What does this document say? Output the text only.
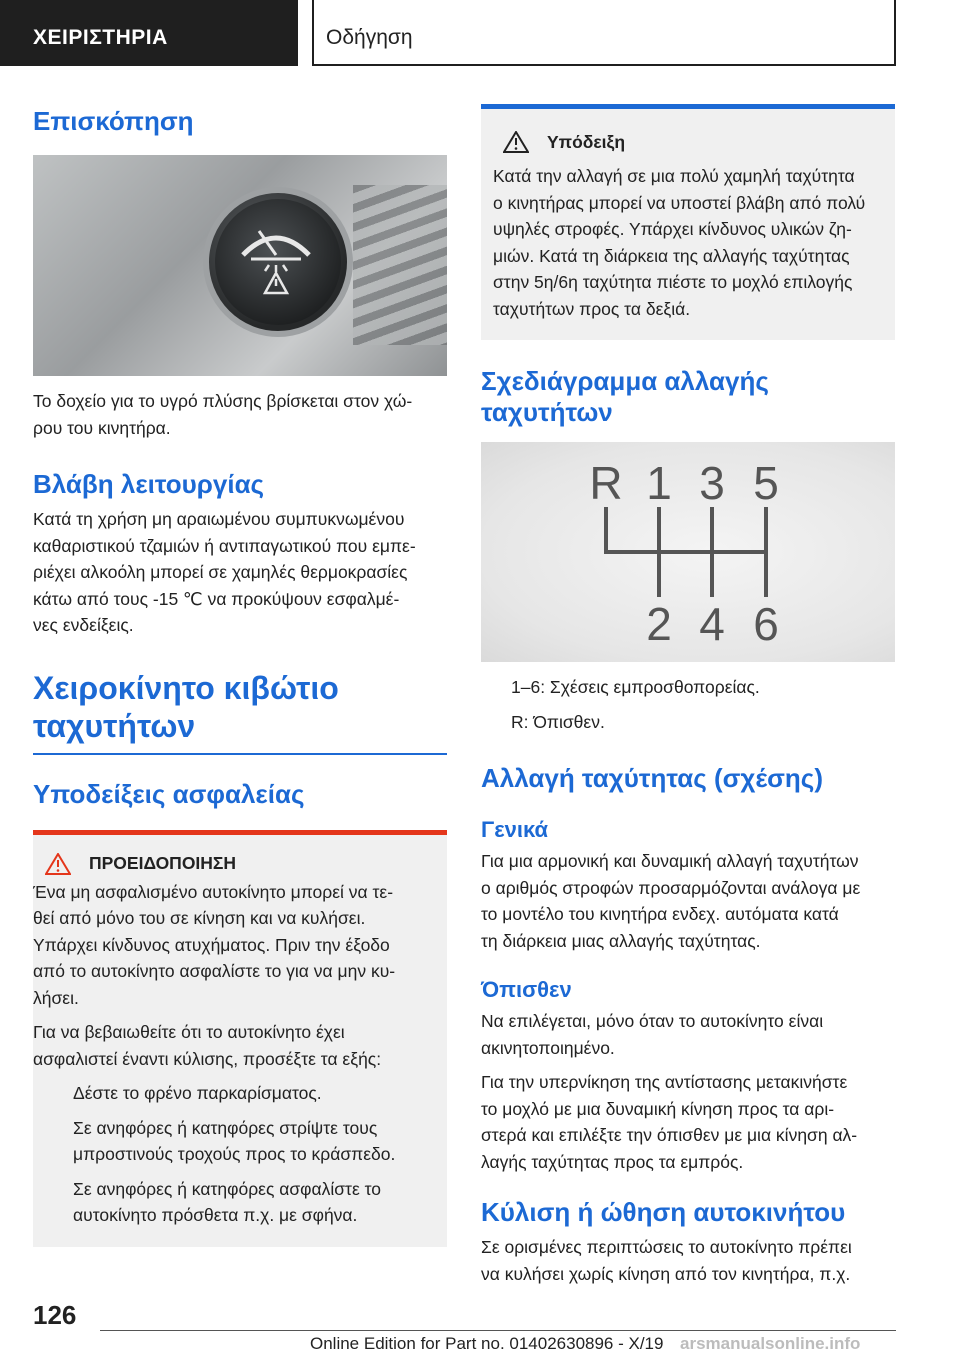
ΧΕΙΡΙΣΤΗΡΙΑ	Οδήγηση
Επισκόπηση

Το δοχείο για το υγρό πλύσης βρίσκεται στον χώ-
ρου του κινητήρα.

Βλάβη λειτουργίας

Κατά τη χρήση μη αραιωμένου συμπυκνωμένου
καθαριστικού τζαμιών ή αντιπαγωτικού που εμπε-
ριέχει αλκοόλη μπορεί σε χαμηλές θερμοκρασίες
κάτω από τους -15 ℃ να προκύψουν εσφαλμέ-
νες ενδείξεις.

Χειροκίνητο κιβώτιο
ταχυτήτων
Υποδείξεις ασφαλείας
ΠΡΟΕΙΔΟΠΟΙΗΣΗ

Ένα μη ασφαλισμένο αυτοκίνητο μπορεί να τε-
θεί από μόνο του σε κίνηση και να κυλήσει.
Υπάρχει κίνδυνος ατυχήματος. Πριν την έξοδο
από το αυτοκίνητο ασφαλίστε το για να μην κυ-
λήσει.

Για να βεβαιωθείτε ότι το αυτοκίνητο έχει
ασφαλιστεί έναντι κύλισης, προσέξτε τα εξής:

Δέστε το φρένο παρκαρίσματος.
Σε ανηφόρες ή κατηφόρες στρίψτε τους
μπροστινούς τροχούς προς το κράσπεδο.
Σε ανηφόρες ή κατηφόρες ασφαλίστε το
αυτοκίνητο πρόσθετα π.χ. με σφήνα.
Υπόδειξη

Κατά την αλλαγή σε μια πολύ χαμηλή ταχύτητα
ο κινητήρας μπορεί να υποστεί βλάβη από πολύ
υψηλές στροφές. Υπάρχει κίνδυνος υλικών ζη-
μιών. Κατά τη διάρκεια της αλλαγής ταχύτητας
στην 5η/6η ταχύτητα πιέστε το μοχλό επιλογής
ταχυτήτων προς τα δεξιά.

Σχεδιάγραμμα αλλαγής
ταχυτήτων
R 1 3 5
2 4 6
1–6: Σχέσεις εμπροσθοπορείας.
R: Όπισθεν.
Αλλαγή ταχύτητας (σχέσης)
Γενικά

Για μια αρμονική και δυναμική αλλαγή ταχυτήτων
ο αριθμός στροφών προσαρμόζονται ανάλογα με
το μοντέλο του κινητήρα ενδεχ. αυτόματα κατά
τη διάρκεια μιας αλλαγής ταχύτητας.

Όπισθεν

Να επιλέγεται, μόνο όταν το αυτοκίνητο είναι
ακινητοποιημένο.

Για την υπερνίκηση της αντίστασης μετακινήστε
το μοχλό με μια δυναμική κίνηση προς τα αρι-
στερά και επιλέξτε την όπισθεν με μια κίνηση αλ-
λαγής ταχύτητας προς τα εμπρός.

Κύλιση ή ώθηση αυτοκινήτου

Σε ορισμένες περιπτώσεις το αυτοκίνητο πρέπει
να κυλήσει χωρίς κίνηση από τον κινητήρα, π.χ.

126
Online Edition for Part no. 01402630896 - X/19 arsmanualsonline.info
